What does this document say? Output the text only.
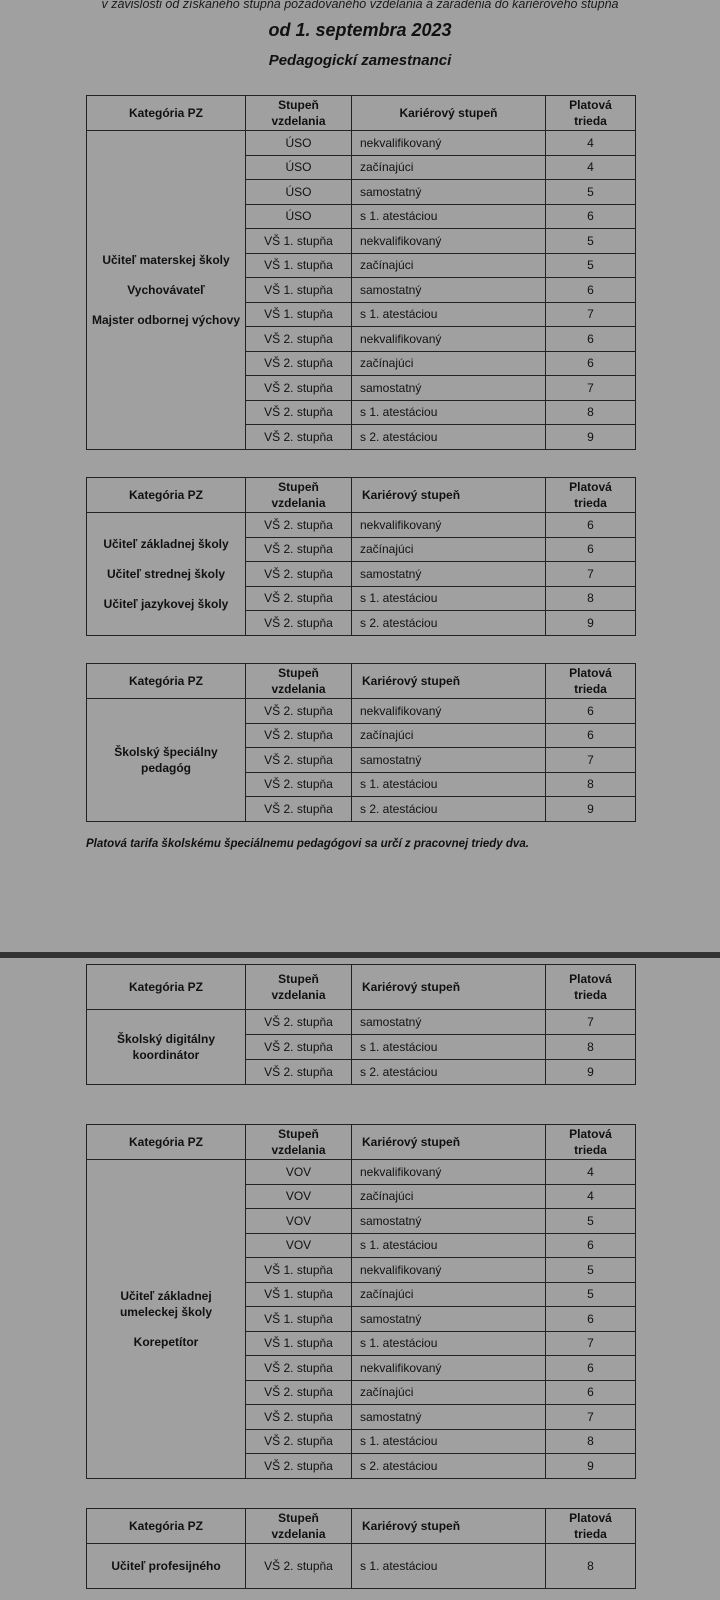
v závislosti od získaného stupňa požadovaného vzdelania a zaradenia do kariérového stupňa
od 1. septembra 2023
Pedagogickí zamestnanci
Kategória PZ	Stupeň vzdelania	Kariérový stupeň	Platová
trieda

Učiteľ materskej školy
Vychovávateľ
Majster odbornej výchovy	ÚSO	nekvalifikovaný	4
	ÚSO	začínajúci	4
	ÚSO	samostatný	5
	ÚSO	s 1. atestáciou	6
	VŠ 1. stupňa	nekvalifikovaný	5
	VŠ 1. stupňa	začínajúci	5
	VŠ 1. stupňa	samostatný	6
	VŠ 1. stupňa	s 1. atestáciou	7
	VŠ 2. stupňa	nekvalifikovaný	6
	VŠ 2. stupňa	začínajúci	6
	VŠ 2. stupňa	samostatný	7
	VŠ 2. stupňa	s 1. atestáciou	8
	VŠ 2. stupňa	s 2. atestáciou	9
Kategória PZ	Stupeň vzdelania	Kariérový stupeň	Platová
trieda

Učiteľ základnej školy
Učiteľ strednej školy
Učiteľ jazykovej školy	VŠ 2. stupňa	nekvalifikovaný	6
	VŠ 2. stupňa	začínajúci	6
	VŠ 2. stupňa	samostatný	7
	VŠ 2. stupňa	s 1. atestáciou	8
	VŠ 2. stupňa	s 2. atestáciou	9
Kategória PZ	Stupeň vzdelania	Kariérový stupeň	Platová
trieda

Školský špeciálny pedagóg	VŠ 2. stupňa	nekvalifikovaný	6
	VŠ 2. stupňa	začínajúci	6
	VŠ 2. stupňa	samostatný	7
	VŠ 2. stupňa	s 1. atestáciou	8
	VŠ 2. stupňa	s 2. atestáciou	9
Kategória PZ	Stupeň vzdelania	Kariérový stupeň	Platová
trieda

Školský digitálny koordinátor	VŠ 2. stupňa	samostatný	7
	VŠ 2. stupňa	s 1. atestáciou	8
	VŠ 2. stupňa	s 2. atestáciou	9
Kategória PZ	Stupeň vzdelania	Kariérový stupeň	Platová
trieda

Učiteľ základnej umeleckej školy
Korepetítor	VOV	nekvalifikovaný	4
	VOV	začínajúci	4
	VOV	samostatný	5
	VOV	s 1. atestáciou	6
	VŠ 1. stupňa	nekvalifikovaný	5
	VŠ 1. stupňa	začínajúci	5
	VŠ 1. stupňa	samostatný	6
	VŠ 1. stupňa	s 1. atestáciou	7
	VŠ 2. stupňa	nekvalifikovaný	6
	VŠ 2. stupňa	začínajúci	6
	VŠ 2. stupňa	samostatný	7
	VŠ 2. stupňa	s 1. atestáciou	8
	VŠ 2. stupňa	s 2. atestáciou	9
Kategória PZ	Stupeň vzdelania	Kariérový stupeň	Platová
trieda

Učiteľ profesijného	VŠ 2. stupňa	s 1. atestáciou	8
Platová tarifa školskému špeciálnemu pedagógovi sa určí z pracovnej triedy dva.
